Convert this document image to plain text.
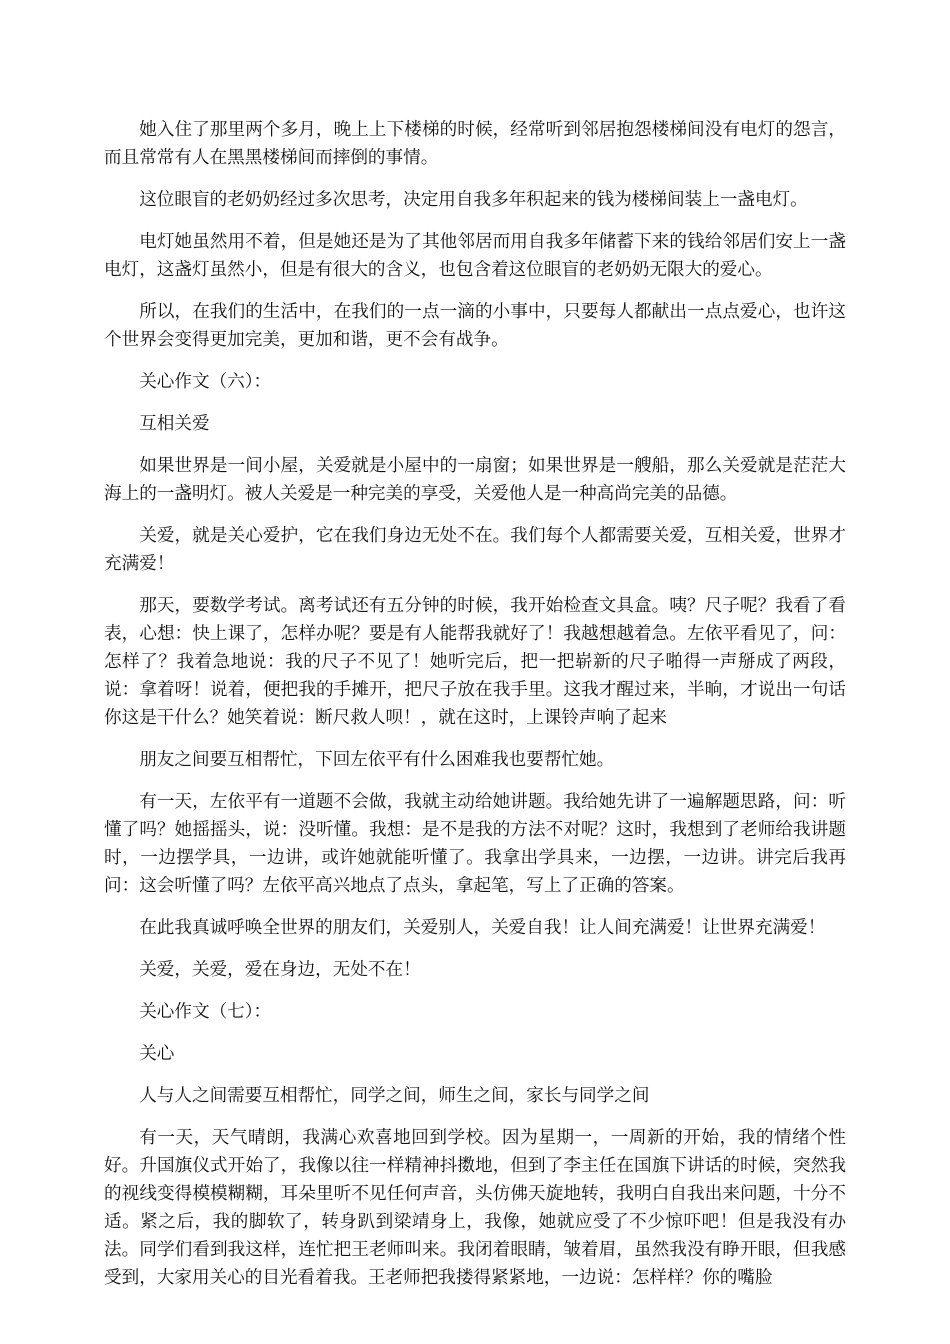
她入住了那里两个多月，晚上上下楼梯的时候，经常听到邻居抱怨楼梯间没有电灯的怨言，而且常常有人在黑黑楼梯间而摔倒的事情。

这位眼盲的老奶奶经过多次思考，决定用自我多年积起来的钱为楼梯间装上一盏电灯。

电灯她虽然用不着，但是她还是为了其他邻居而用自我多年储蓄下来的钱给邻居们安上一盏电灯，这盏灯虽然小，但是有很大的含义，也包含着这位眼盲的老奶奶无限大的爱心。

所以，在我们的生活中，在我们的一点一滴的小事中，只要每人都献出一点点爱心，也许这个世界会变得更加完美，更加和谐，更不会有战争。

关心作文（六）：

互相关爱

如果世界是一间小屋，关爱就是小屋中的一扇窗；如果世界是一艘船，那么关爱就是茫茫大海上的一盏明灯。被人关爱是一种完美的享受，关爱他人是一种高尚完美的品德。

关爱，就是关心爱护，它在我们身边无处不在。我们每个人都需要关爱，互相关爱，世界才充满爱！

那天，要数学考试。离考试还有五分钟的时候，我开始检查文具盒。咦？尺子呢？我看了看表，心想：快上课了，怎样办呢？要是有人能帮我就好了！我越想越着急。左依平看见了，问：怎样了？我着急地说：我的尺子不见了！她听完后，把一把崭新的尺子啪得一声掰成了两段，说：拿着呀！说着，便把我的手摊开，把尺子放在我手里。这我才醒过来，半晌，才说出一句话你这是干什么？她笑着说：断尺救人呗！，就在这时，上课铃声响了起来

朋友之间要互相帮忙，下回左依平有什么困难我也要帮忙她。

有一天，左依平有一道题不会做，我就主动给她讲题。我给她先讲了一遍解题思路，问：听懂了吗？她摇摇头，说：没听懂。我想：是不是我的方法不对呢？这时，我想到了老师给我讲题时，一边摆学具，一边讲，或许她就能听懂了。我拿出学具来，一边摆，一边讲。讲完后我再问：这会听懂了吗？左依平高兴地点了点头，拿起笔，写上了正确的答案。

在此我真诚呼唤全世界的朋友们，关爱别人，关爱自我！让人间充满爱！让世界充满爱！

关爱，关爱，爱在身边，无处不在！

关心作文（七）：

关心

人与人之间需要互相帮忙，同学之间，师生之间，家长与同学之间

有一天，天气晴朗，我满心欢喜地回到学校。因为星期一，一周新的开始，我的情绪个性好。升国旗仪式开始了，我像以往一样精神抖擞地，但到了李主任在国旗下讲话的时候，突然我的视线变得模模糊糊，耳朵里听不见任何声音，头仿佛天旋地转，我明白自我出来问题，十分不适。紧之后，我的脚软了，转身趴到梁靖身上，我像，她就应受了不少惊吓吧！但是我没有办法。同学们看到我这样，连忙把王老师叫来。我闭着眼睛，皱着眉，虽然我没有睁开眼，但我感受到，大家用关心的目光看着我。王老师把我搂得紧紧地，一边说：怎样样？你的嘴脸
